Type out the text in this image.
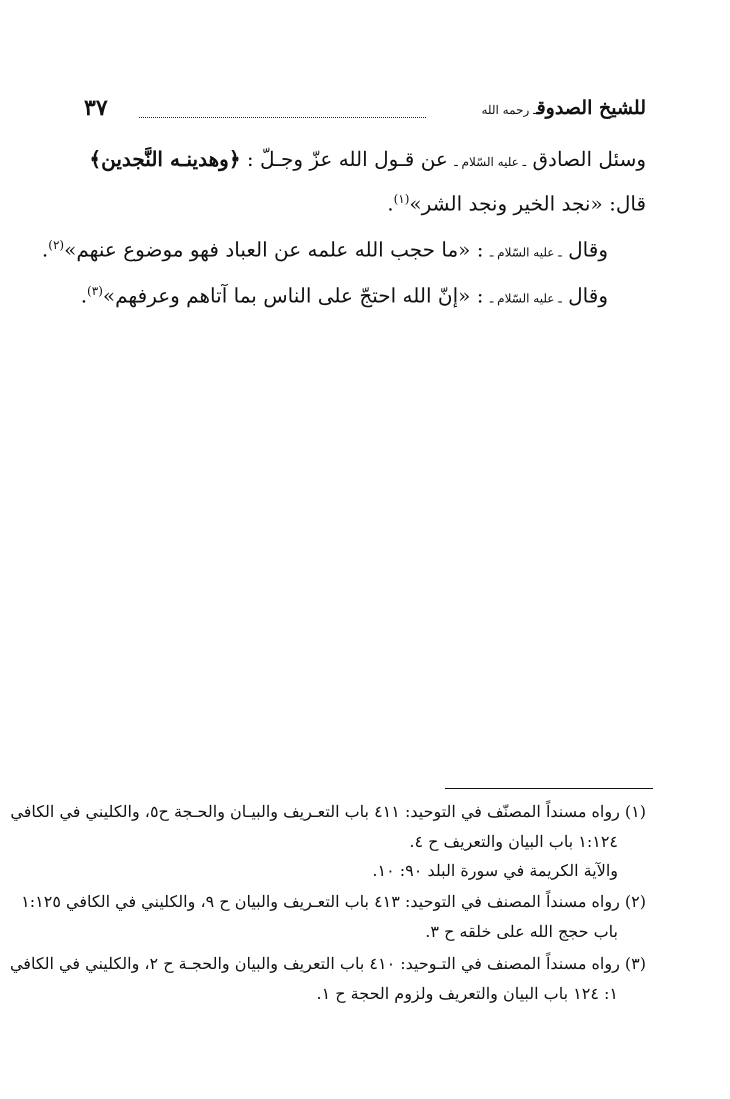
للشيخ الصدوقـ رحمه الله
٣٧
وسئل الصادق ـ عليه السّلام ـ عن قـول الله عزّ وجـلّ : ﴿وهدينـه النَّجدين﴾
قال: «نجد الخير ونجد الشر»$^{(١)}$.
وقال ـ عليه السّلام ـ : «ما حجب الله علمه عن العباد فهو موضوع عنهم»$^{(٢)}$.
وقال ـ عليه السّلام ـ : «إنّ الله احتجّ على الناس بما آتاهم وعرفهم»$^{(٣)}$.
(١) رواه مسنداً المصنّف في التوحيد: ٤١١ باب التعـريف والبيـان والحـجة ح٥، والكليني في الكافي
١:١٢٤ باب البيان والتعريف ح ٤.
والآية الكريمة في سورة البلد ٩٠: ١٠.
(٢) رواه مسنداً المصنف في التوحيد: ٤١٣ باب التعـريف والبيان ح ٩، والكليني في الكافي ١:١٢٥
باب حجج الله على خلقه ح ٣.
(٣) رواه مسنداً المصنف في التـوحيد: ٤١٠ باب التعريف والبيان والحجـة ح ٢، والكليني في الكافي
١: ١٢٤ باب البيان والتعريف ولزوم الحجة ح ١.
